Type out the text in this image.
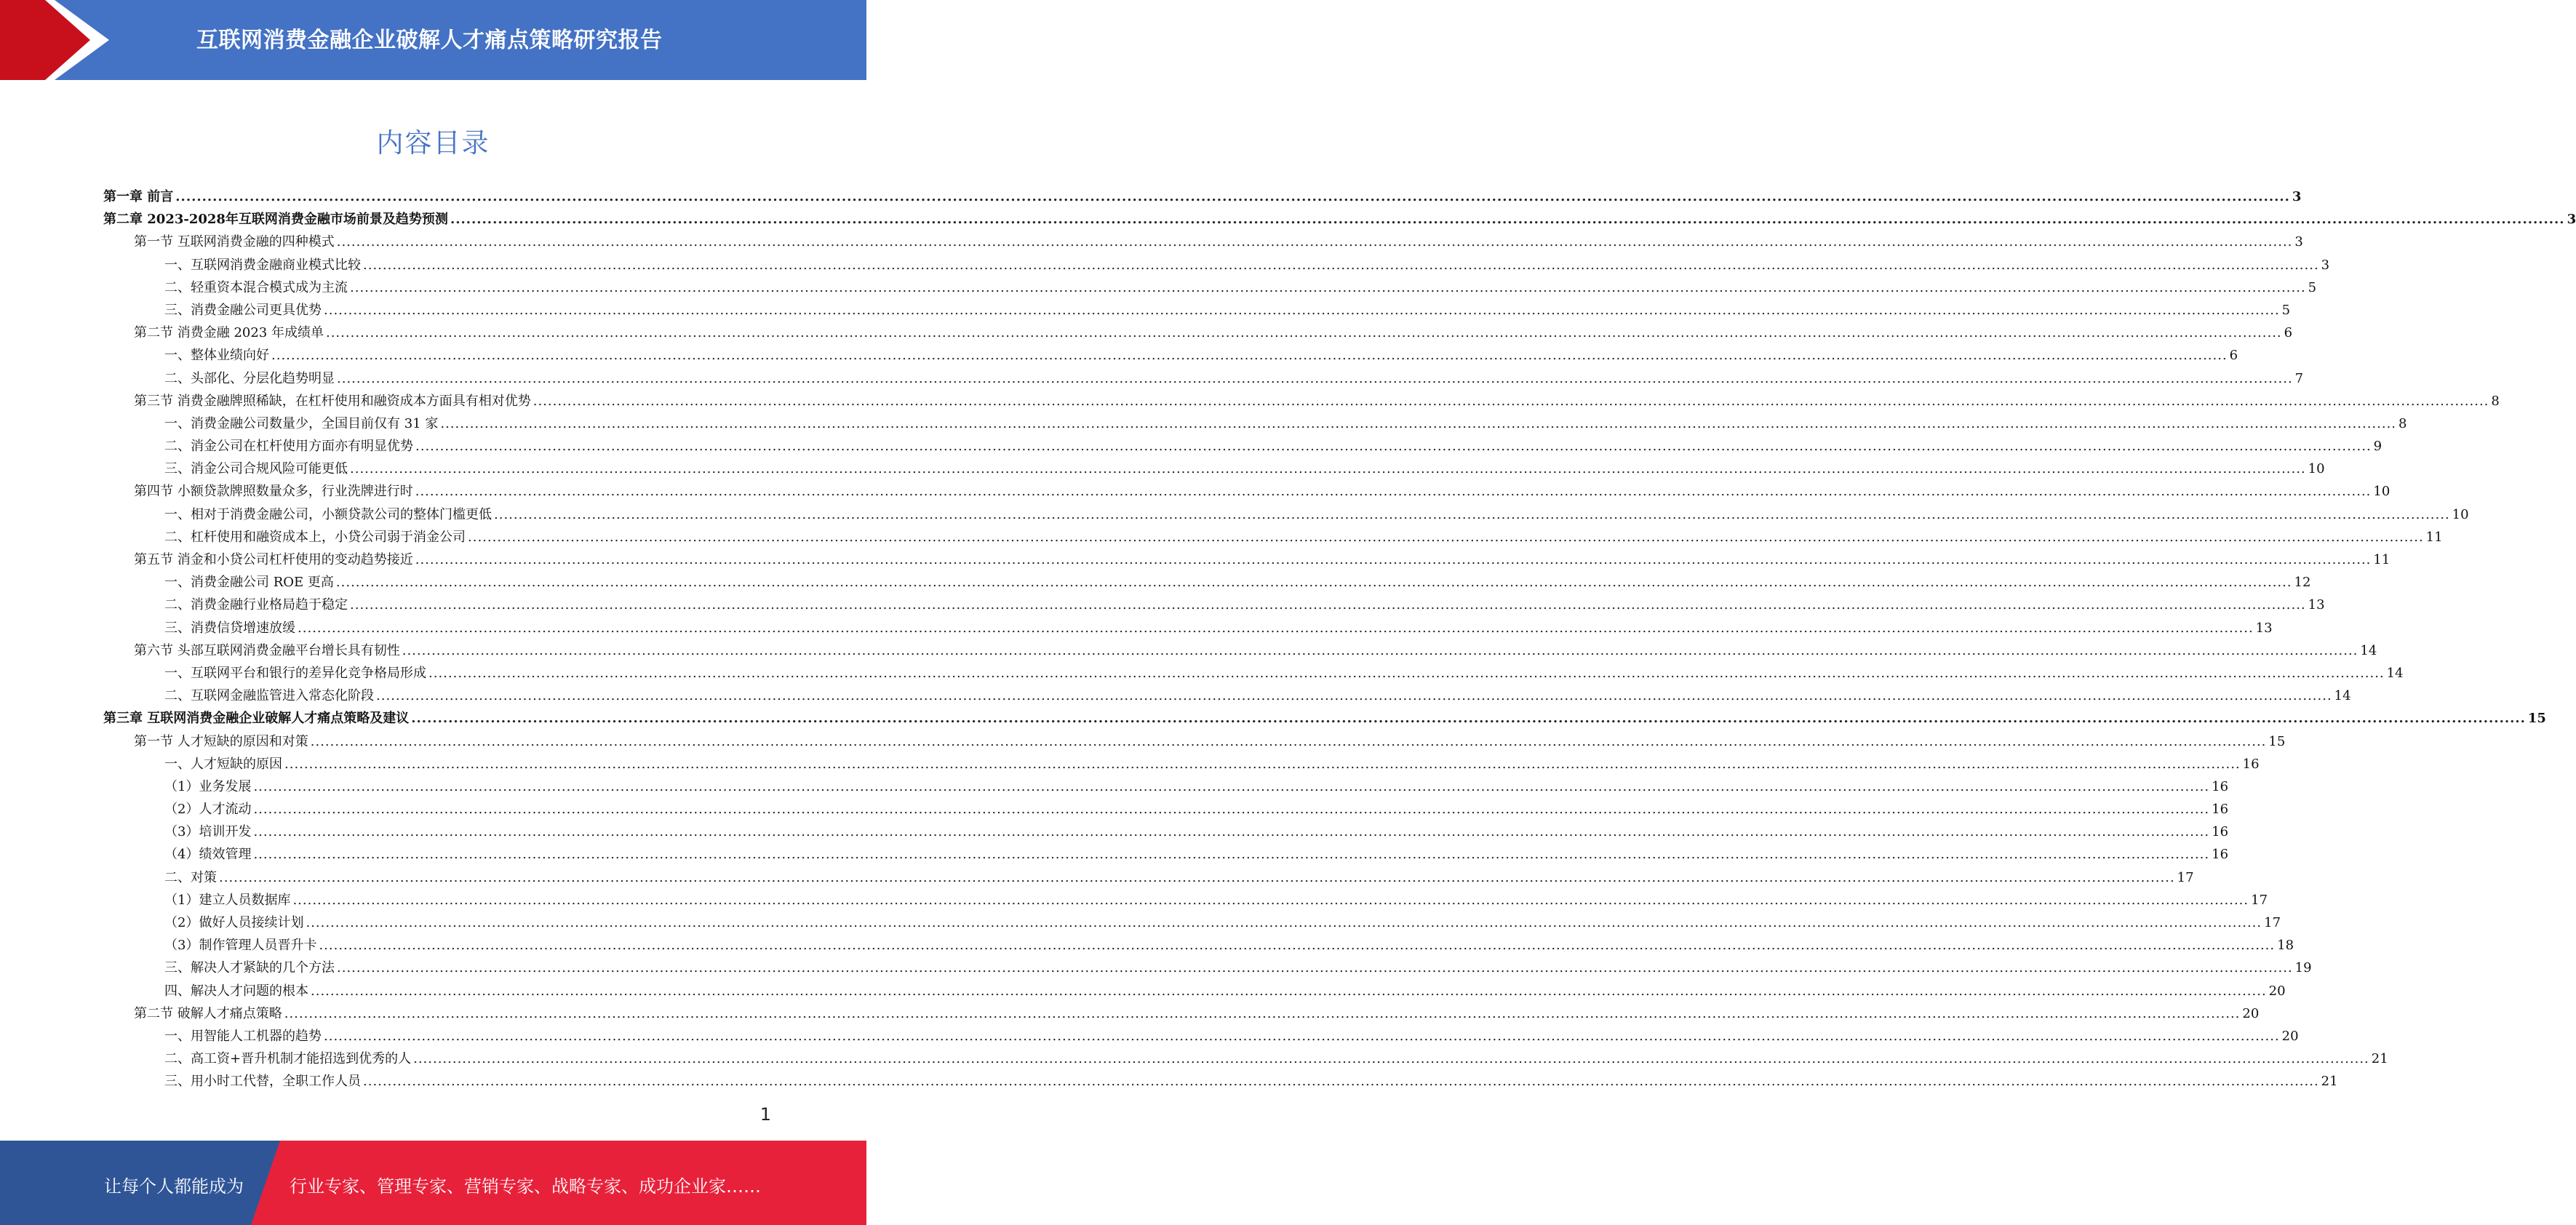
互联网消费金融企业破解人才痛点策略研究报告
内容目录
第一章 前言 ................................................................................................................................................................................................................................................................................................................................................................................................................ 3
第二章 2023-2028年互联网消费金融市场前景及趋势预测 ................................................................................................................................................................................................................................................................................................................................................................................................................ 3
第一节 互联网消费金融的四种模式 ................................................................................................................................................................................................................................................................................................................................................................................................................ 3
一、互联网消费金融商业模式比较 ................................................................................................................................................................................................................................................................................................................................................................................................................ 3
二、轻重资本混合模式成为主流 ................................................................................................................................................................................................................................................................................................................................................................................................................ 5
三、消费金融公司更具优势 ................................................................................................................................................................................................................................................................................................................................................................................................................ 5
第二节 消费金融 2023 年成绩单 ................................................................................................................................................................................................................................................................................................................................................................................................................ 6
一、整体业绩向好 ................................................................................................................................................................................................................................................................................................................................................................................................................ 6
二、头部化、分层化趋势明显 ................................................................................................................................................................................................................................................................................................................................................................................................................ 7
第三节 消费金融牌照稀缺，在杠杆使用和融资成本方面具有相对优势 ................................................................................................................................................................................................................................................................................................................................................................................................................ 8
一、消费金融公司数量少，全国目前仅有 31 家 ................................................................................................................................................................................................................................................................................................................................................................................................................ 8
二、消金公司在杠杆使用方面亦有明显优势 ................................................................................................................................................................................................................................................................................................................................................................................................................ 9
三、消金公司合规风险可能更低 ................................................................................................................................................................................................................................................................................................................................................................................................................ 10
第四节 小额贷款牌照数量众多，行业洗牌进行时 ................................................................................................................................................................................................................................................................................................................................................................................................................ 10
一、相对于消费金融公司，小额贷款公司的整体门槛更低 ................................................................................................................................................................................................................................................................................................................................................................................................................ 10
二、杠杆使用和融资成本上，小贷公司弱于消金公司 ................................................................................................................................................................................................................................................................................................................................................................................................................ 11
第五节 消金和小贷公司杠杆使用的变动趋势接近 ................................................................................................................................................................................................................................................................................................................................................................................................................ 11
一、消费金融公司 ROE 更高 ................................................................................................................................................................................................................................................................................................................................................................................................................ 12
二、消费金融行业格局趋于稳定 ................................................................................................................................................................................................................................................................................................................................................................................................................ 13
三、消费信贷增速放缓 ................................................................................................................................................................................................................................................................................................................................................................................................................ 13
第六节 头部互联网消费金融平台增长具有韧性 ................................................................................................................................................................................................................................................................................................................................................................................................................ 14
一、互联网平台和银行的差异化竞争格局形成 ................................................................................................................................................................................................................................................................................................................................................................................................................ 14
二、互联网金融监管进入常态化阶段 ................................................................................................................................................................................................................................................................................................................................................................................................................ 14
第三章 互联网消费金融企业破解人才痛点策略及建议 ................................................................................................................................................................................................................................................................................................................................................................................................................ 15
第一节 人才短缺的原因和对策 ................................................................................................................................................................................................................................................................................................................................................................................................................ 15
一、人才短缺的原因 ................................................................................................................................................................................................................................................................................................................................................................................................................ 16
（1）业务发展 ................................................................................................................................................................................................................................................................................................................................................................................................................ 16
（2）人才流动 ................................................................................................................................................................................................................................................................................................................................................................................................................ 16
（3）培训开发 ................................................................................................................................................................................................................................................................................................................................................................................................................ 16
（4）绩效管理 ................................................................................................................................................................................................................................................................................................................................................................................................................ 16
二、对策 ................................................................................................................................................................................................................................................................................................................................................................................................................ 17
（1）建立人员数据库 ................................................................................................................................................................................................................................................................................................................................................................................................................ 17
（2）做好人员接续计划 ................................................................................................................................................................................................................................................................................................................................................................................................................ 17
（3）制作管理人员晋升卡 ................................................................................................................................................................................................................................................................................................................................................................................................................ 18
三、解决人才紧缺的几个方法 ................................................................................................................................................................................................................................................................................................................................................................................................................ 19
四、解决人才问题的根本 ................................................................................................................................................................................................................................................................................................................................................................................................................ 20
第二节 破解人才痛点策略 ................................................................................................................................................................................................................................................................................................................................................................................................................ 20
一、用智能人工机器的趋势 ................................................................................................................................................................................................................................................................................................................................................................................................................ 20
二、高工资+晋升机制才能招选到优秀的人 ................................................................................................................................................................................................................................................................................................................................................................................................................ 21
三、用小时工代替，全职工作人员 ................................................................................................................................................................................................................................................................................................................................................................................................................ 21
1
让每个人都能成为	行业专家、管理专家、营销专家、战略专家、成功企业家……
